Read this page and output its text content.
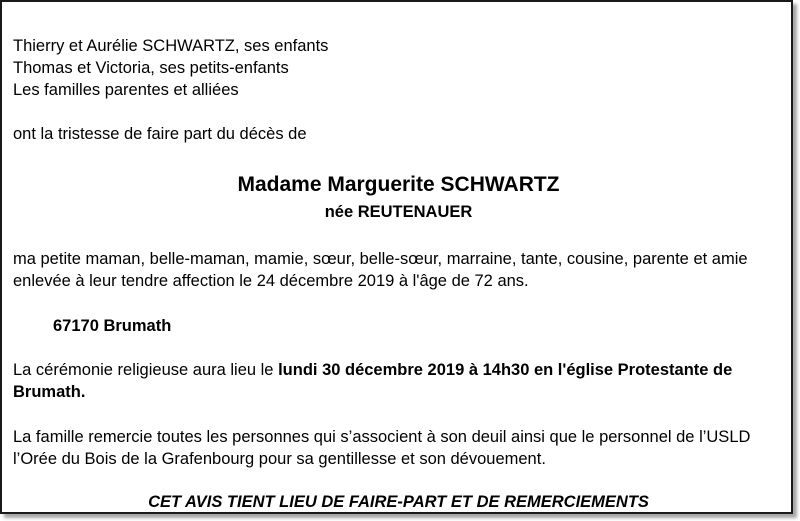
Thierry et Aurélie SCHWARTZ, ses enfants
Thomas et Victoria, ses petits-enfants
Les familles parentes et alliées
ont la tristesse de faire part du décès de
Madame Marguerite SCHWARTZ
née REUTENAUER
ma petite maman, belle-maman, mamie, sœur, belle-sœur, marraine, tante, cousine, parente et amie
enlevée à leur tendre affection le 24 décembre 2019 à l'âge de 72 ans.
67170 Brumath
La cérémonie religieuse aura lieu le lundi 30 décembre 2019 à 14h30 en l'église Protestante de
Brumath.
La famille remercie toutes les personnes qui s’associent à son deuil ainsi que le personnel de l’USLD
l’Orée du Bois de la Grafenbourg pour sa gentillesse et son dévouement.
CET AVIS TIENT LIEU DE FAIRE-PART ET DE REMERCIEMENTS
